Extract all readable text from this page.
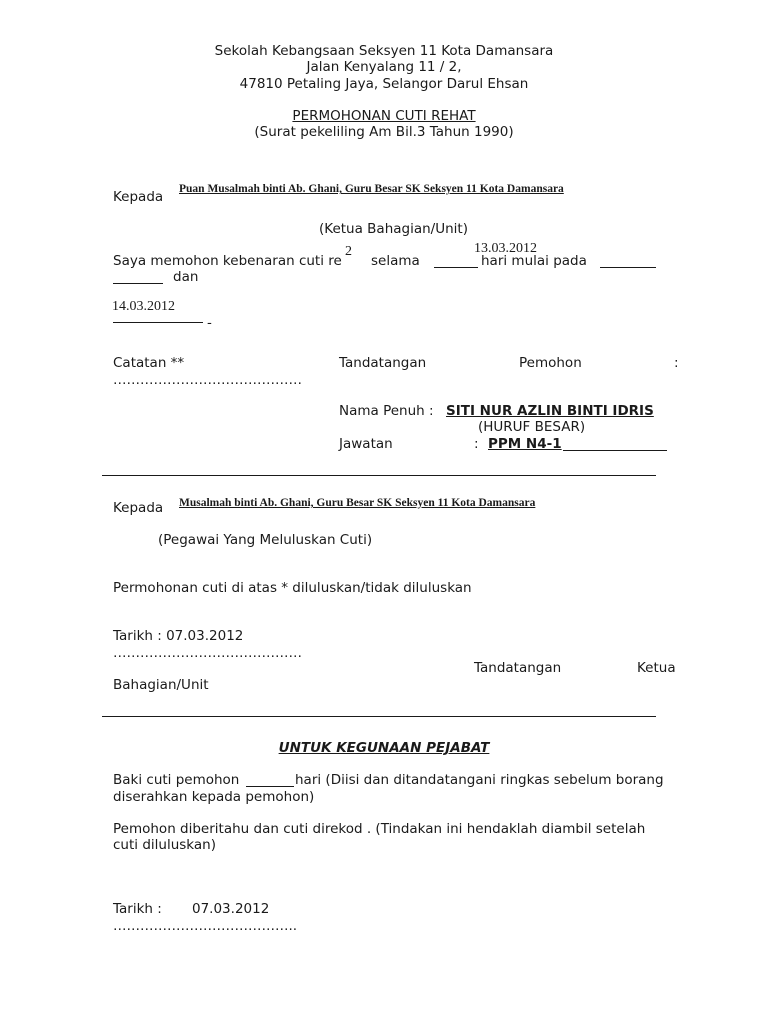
Sekolah Kebangsaan Seksyen 11 Kota Damansara
Jalan Kenyalang 11 / 2,
47810 Petaling Jaya, Selangor Darul Ehsan
PERMOHONAN CUTI REHAT
(Surat pekeliling Am Bil.3 Tahun 1990)
Kepada Puan Musalmah binti Ab. Ghani, Guru Besar SK Seksyen 11 Kota Damansara
(Ketua Bahagian/Unit)
Saya memohon kebenaran cuti re
2
selama	hari mulai pada
13.03.2012
dan
14.03.2012
-
Catatan **	Tandatangan	Pemohon	:
……………………………………
Nama Penuh : SITI NUR AZLIN BINTI IDRIS
(HURUF BESAR)
Jawatan	: PPM N4-1
Kepada Musalmah binti Ab. Ghani, Guru Besar SK Seksyen 11 Kota Damansara
(Pegawai Yang Meluluskan Cuti)
Permohonan cuti di atas * diluluskan/tidak diluluskan
Tarikh : 07.03.2012
……………………………………
Tandatangan	Ketua
Bahagian/Unit
UNTUK KEGUNAAN PEJABAT
Baki cuti pemohon	hari (Diisi dan ditandatangani ringkas sebelum borang
diserahkan kepada pemohon)
Pemohon diberitahu dan cuti direkod . (Tindakan ini hendaklah diambil setelah
cuti diluluskan)
Tarikh : 07.03.2012
…………………………………..
